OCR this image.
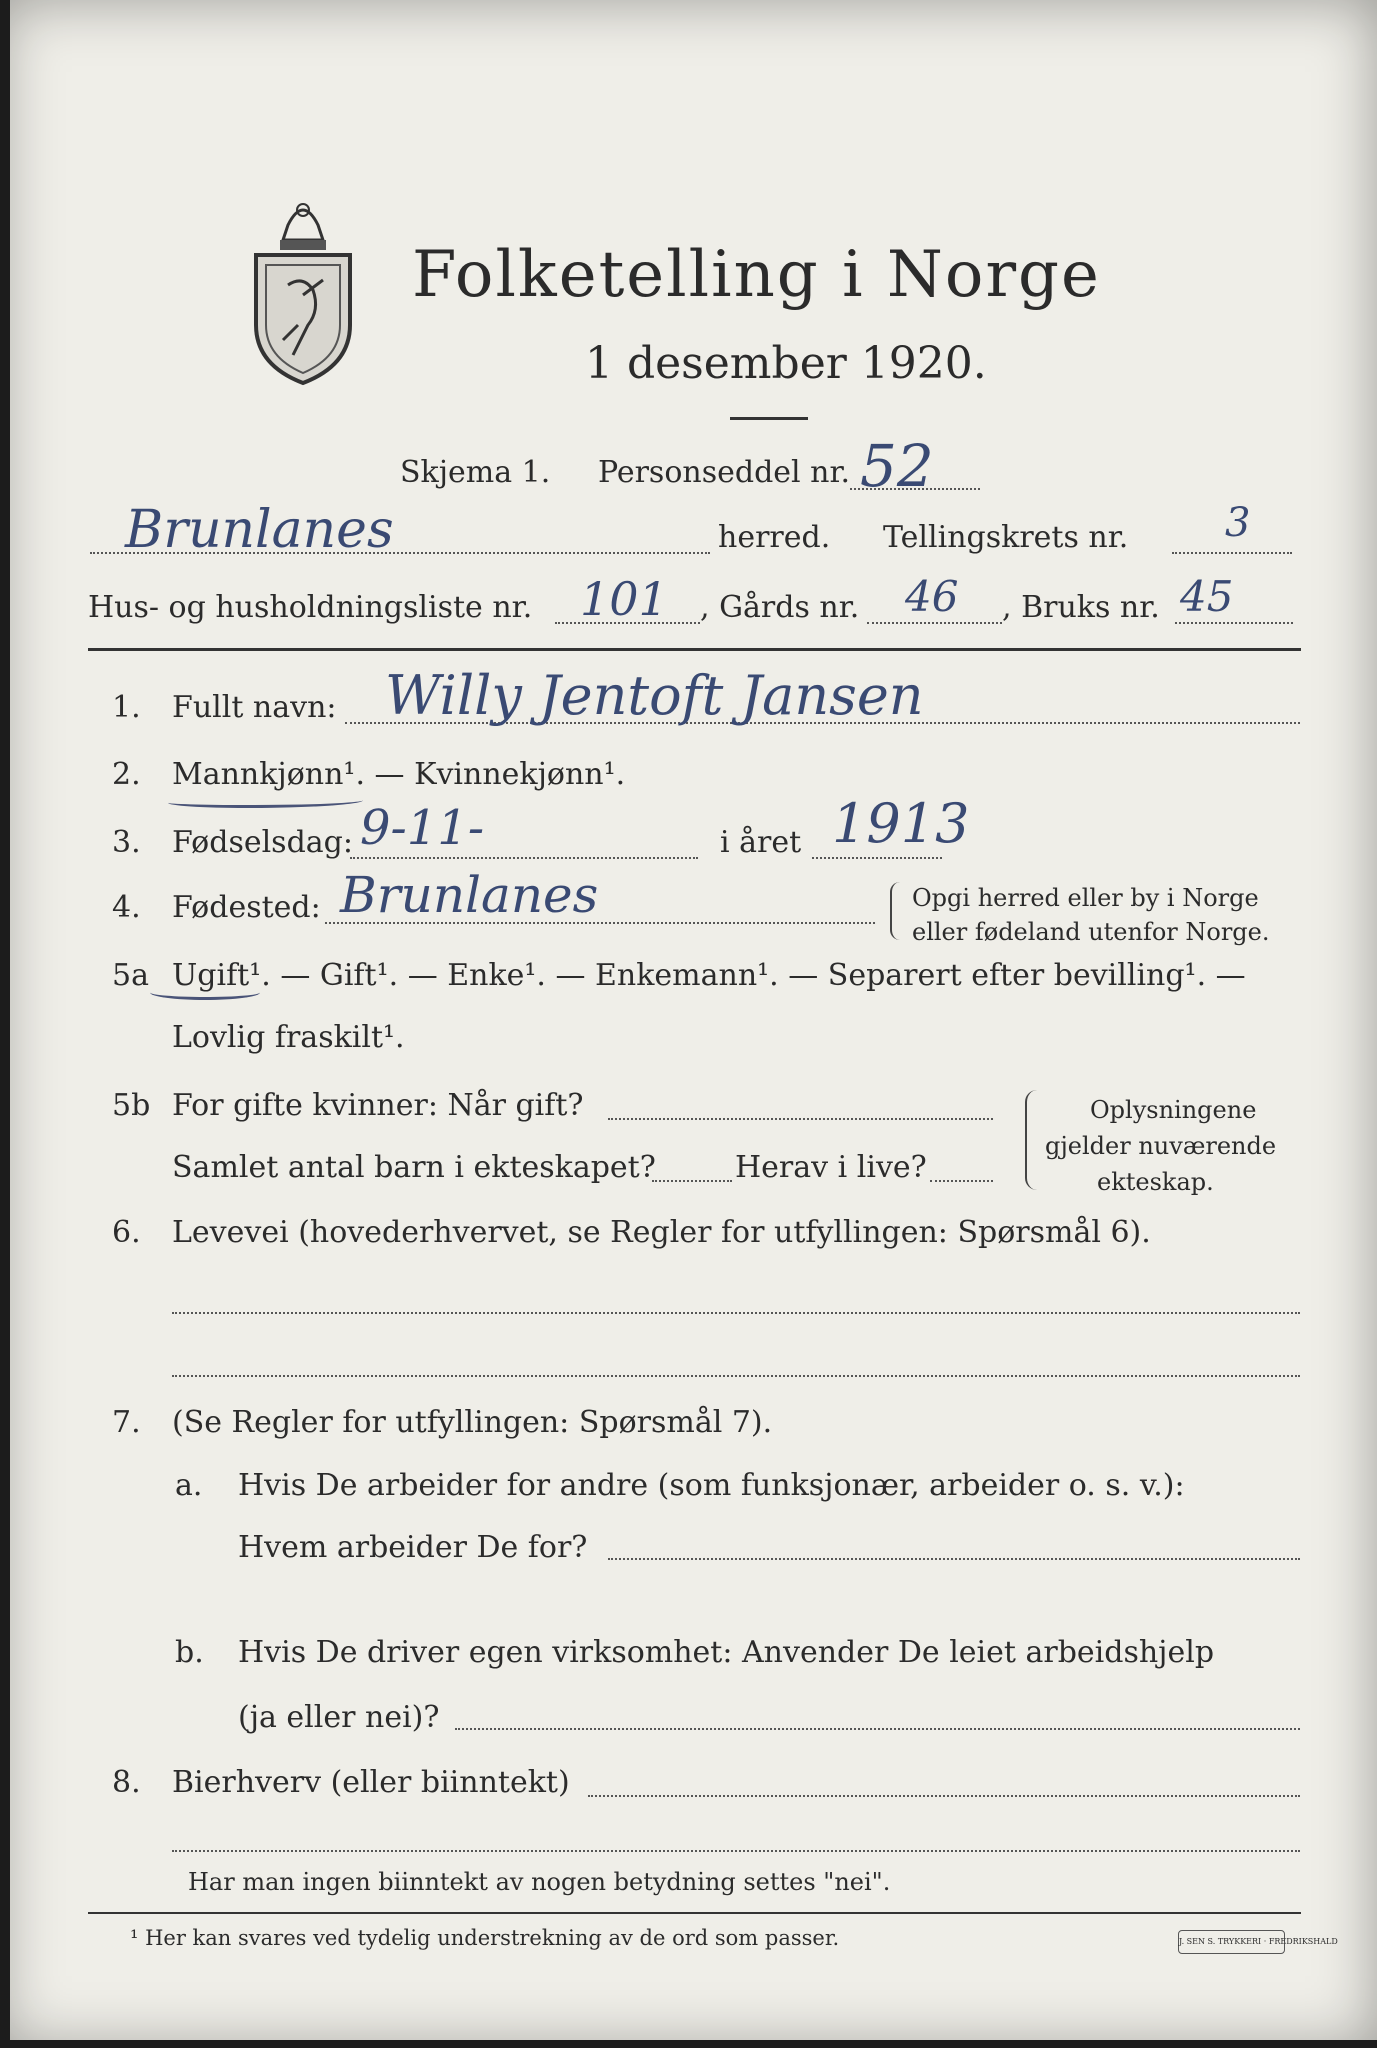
Folketelling i Norge
1 desember 1920.
Skjema 1. Personseddel nr. 52
Brunlanes	herred. Tellingskrets nr. 3
Hus- og husholdningsliste nr. 101 , Gårds nr. 46 , Bruks nr. 45
1. Fullt navn: Willy Jentoft Jansen
2. Mannkjønn¹. — Kvinnekjønn¹.
3. Fødselsdag: 9-11-	i året 1913
4. Fødested: Brunlanes	Opgi herred eller by i Norge
eller fødeland utenfor Norge.
5a Ugift¹. — Gift¹. — Enke¹. — Enkemann¹. — Separert efter bevilling¹. —
Lovlig fraskilt¹.
5b For gifte kvinner: Når gift?
Samlet antal barn i ekteskapet?	Herav i live?
Oplysningene
gjelder nuværende
ekteskap.
6. Levevei (hovederhvervet, se Regler for utfyllingen: Spørsmål 6).
7. (Se Regler for utfyllingen: Spørsmål 7).
a. Hvis De arbeider for andre (som funksjonær, arbeider o. s. v.):
Hvem arbeider De for?
b. Hvis De driver egen virksomhet: Anvender De leiet arbeidshjelp
(ja eller nei)?
8. Bierhverv (eller biinntekt)
Har man ingen biinntekt av nogen betydning settes "nei".
¹ Her kan svares ved tydelig understrekning av de ord som passer.	J. SEN S. TRYKKERI · FREDRIKSHALD
